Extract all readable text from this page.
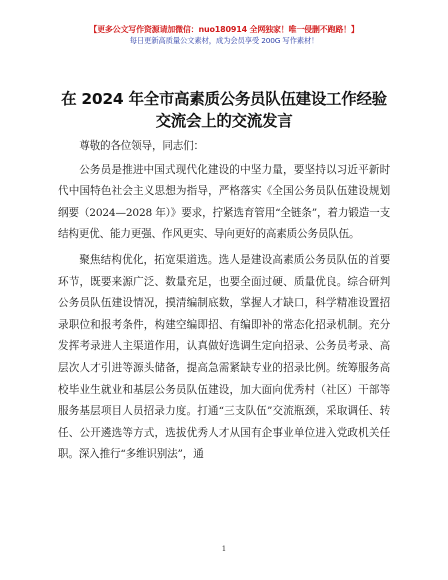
【更多公文写作资源请加微信：nuo180914 全网独家！唯一侵删不跑路！】
每日更新高质量公文素材，成为会员享受 200G 写作素材！
在 2024 年全市高素质公务员队伍建设工作经验
交流会上的交流发言

尊敬的各位领导，同志们：

公务员是推进中国式现代化建设的中坚力量，要坚持以习近平新时代中国特色社会主义思想为指导，严格落实《全国公务员队伍建设规划纲要（2024—2028 年）》要求，拧紧选育管用“全链条”，着力锻造一支结构更优、能力更强、作风更实、导向更好的高素质公务员队伍。

聚焦结构优化，拓宽渠道选。选人是建设高素质公务员队伍的首要环节，既要来源广泛、数量充足，也要全面过硬、质量优良。综合研判公务员队伍建设情况，摸清编制底数，掌握人才缺口，科学精准设置招录职位和报考条件，构建空编即招、有编即补的常态化招录机制。充分发挥考录进人主渠道作用，认真做好选调生定向招录、公务员考录、高层次人才引进等源头储备，提高急需紧缺专业的招录比例。统筹服务高校毕业生就业和基层公务员队伍建设，加大面向优秀村（社区）干部等服务基层项目人员招录力度。打通“三支队伍”交流瓶颈，采取调任、转任、公开遴选等方式，选拔优秀人才从国有企事业单位进入党政机关任职。深入推行“多维识别法”，通

1
